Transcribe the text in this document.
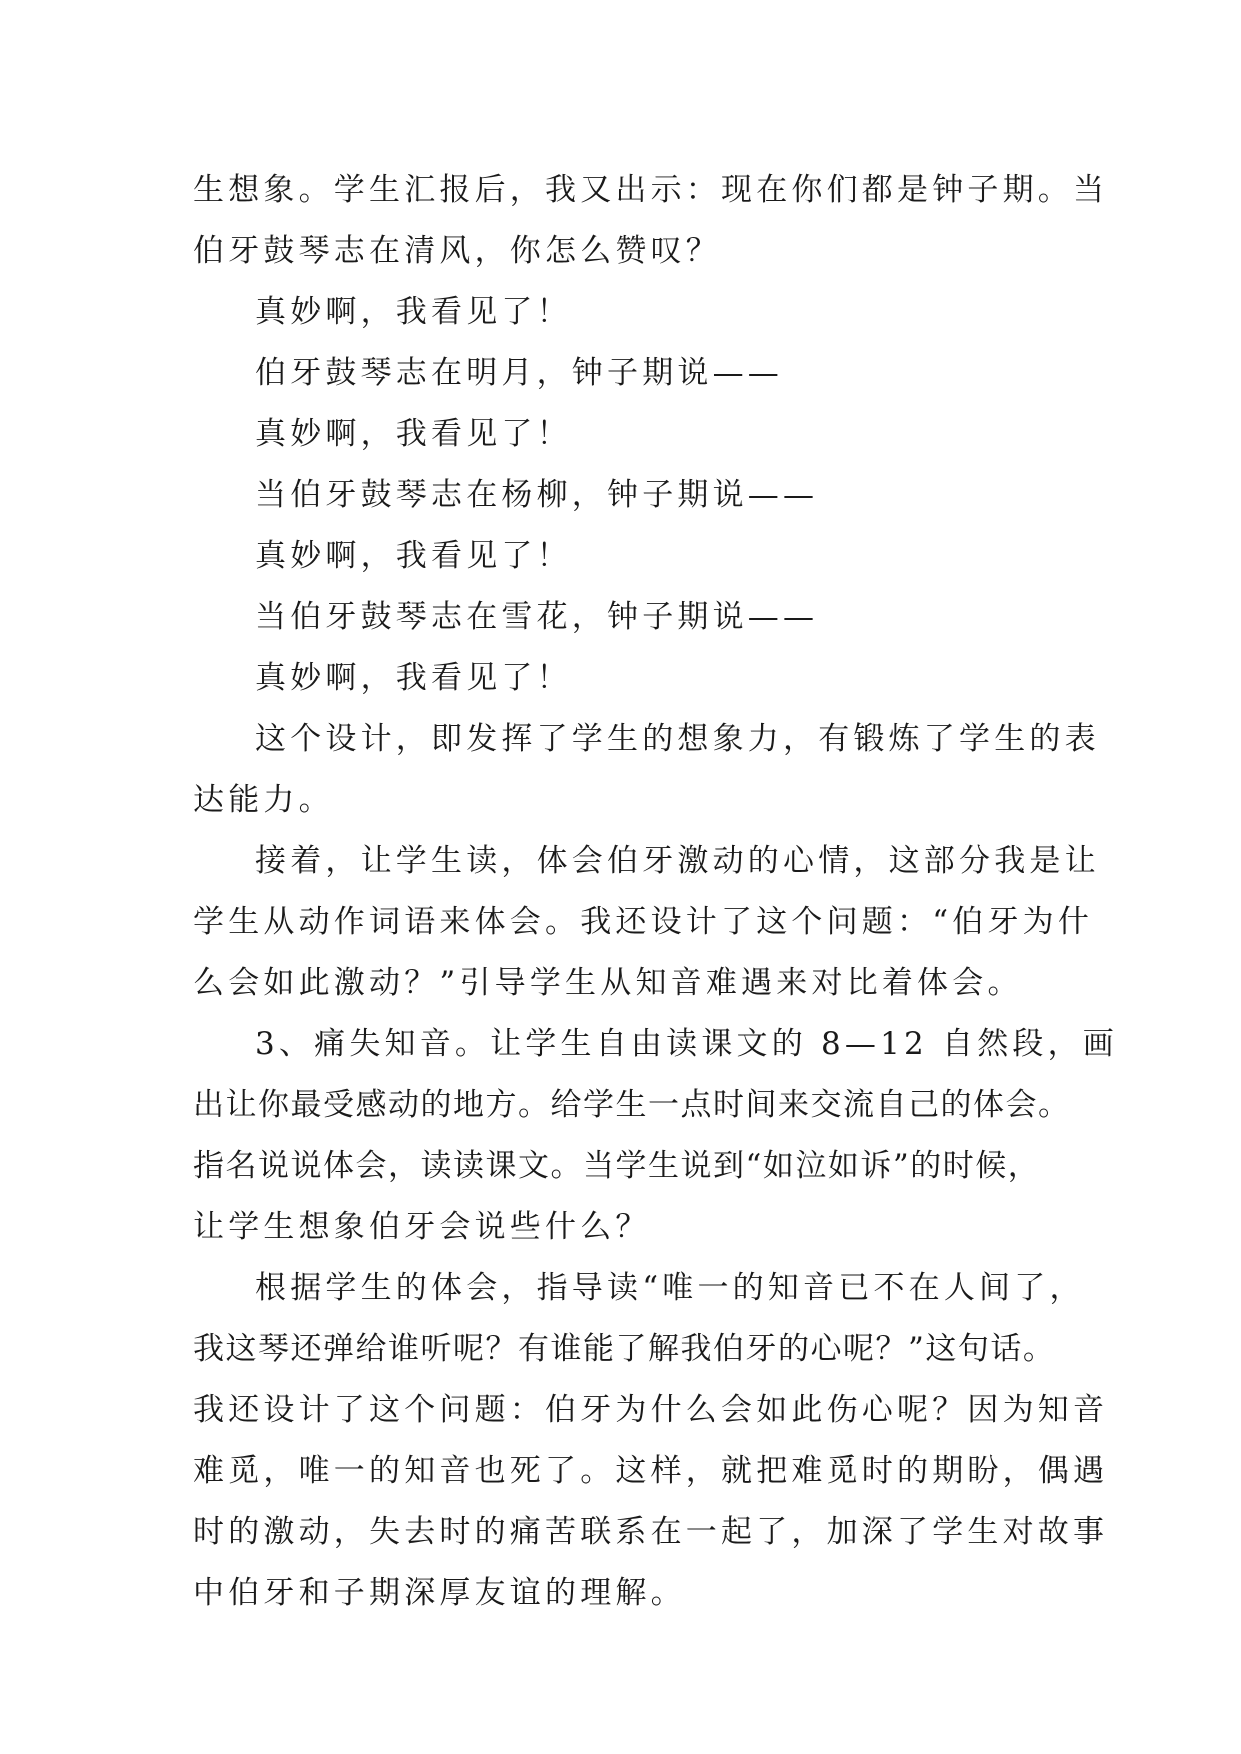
生想象。学生汇报后，我又出示：现在你们都是钟子期。当
伯牙鼓琴志在清风，你怎么赞叹？
真妙啊，我看见了！
伯牙鼓琴志在明月，钟子期说——
真妙啊，我看见了！
当伯牙鼓琴志在杨柳，钟子期说——
真妙啊，我看见了！
当伯牙鼓琴志在雪花，钟子期说——
真妙啊，我看见了！
这个设计，即发挥了学生的想象力，有锻炼了学生的表
达能力。
接着，让学生读，体会伯牙激动的心情，这部分我是让
学生从动作词语来体会。我还设计了这个问题：“伯牙为什
么会如此激动？”引导学生从知音难遇来对比着体会。
3、痛失知音。让学生自由读课文的 8—12 自然段，画
出让你最受感动的地方。给学生一点时间来交流自己的体会。
指名说说体会，读读课文。当学生说到“如泣如诉”的时候，
让学生想象伯牙会说些什么？
根据学生的体会，指导读“唯一的知音已不在人间了，
我这琴还弹给谁听呢？有谁能了解我伯牙的心呢？”这句话。
我还设计了这个问题：伯牙为什么会如此伤心呢？因为知音
难觅，唯一的知音也死了。这样，就把难觅时的期盼，偶遇
时的激动，失去时的痛苦联系在一起了，加深了学生对故事
中伯牙和子期深厚友谊的理解。
